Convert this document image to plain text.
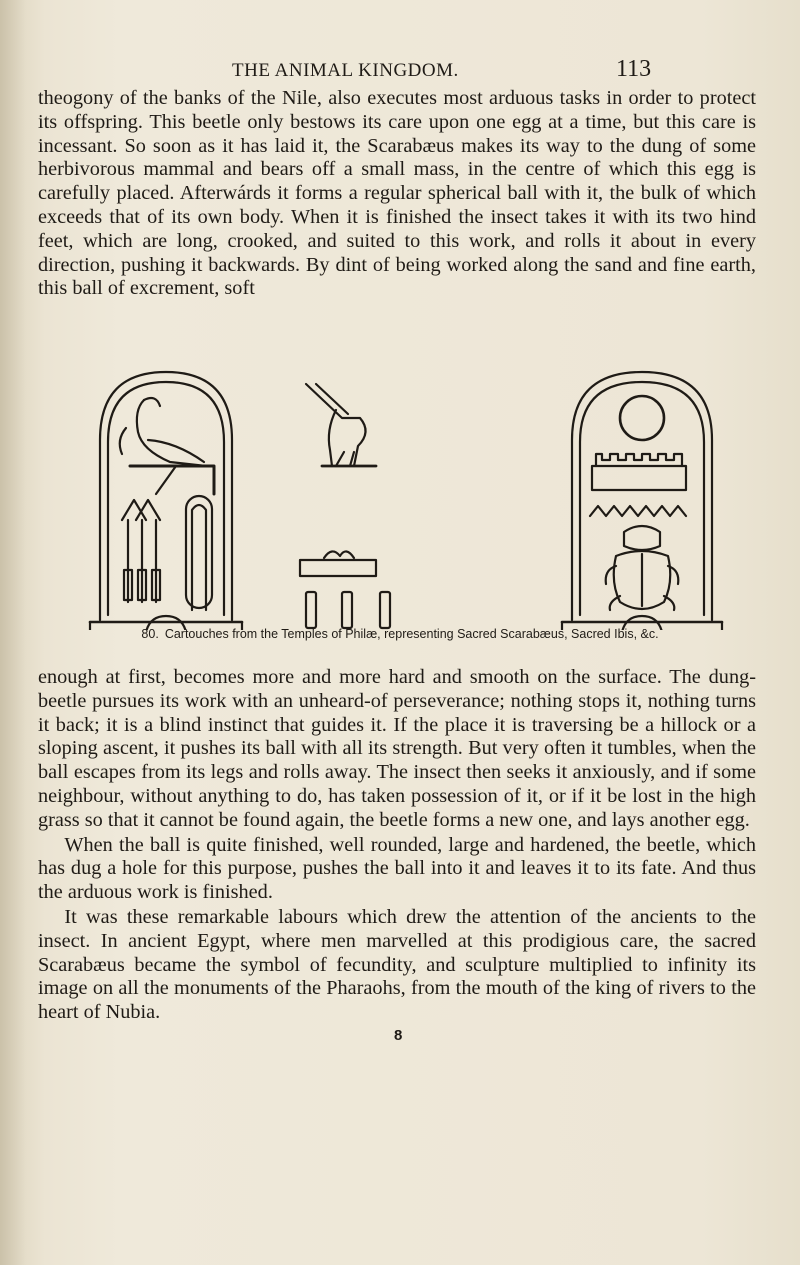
THE ANIMAL KINGDOM.	113

theogony of the banks of the Nile, also executes most arduous tasks in order to protect its offspring. This beetle only bestows its care upon one egg at a time, but this care is incessant. So soon as it has laid it, the Scarabæus makes its way to the dung of some herbivorous mammal and bears off a small mass, in the centre of which this egg is carefully placed. Afterwárds it forms a regular spherical ball with it, the bulk of which exceeds that of its own body. When it is finished the insect takes it with its two hind feet, which are long, crooked, and suited to this work, and rolls it about in every direction, pushing it backwards. By dint of being worked along the sand and fine earth, this ball of excrement, soft

80. Cartouches from the Temples of Philæ, representing Sacred Scarabæus, Sacred Ibis, &c.

enough at first, becomes more and more hard and smooth on the surface. The dung-beetle pursues its work with an unheard-of perseverance; nothing stops it, nothing turns it back; it is a blind instinct that guides it. If the place it is traversing be a hillock or a sloping ascent, it pushes its ball with all its strength. But very often it tumbles, when the ball escapes from its legs and rolls away. The insect then seeks it anxiously, and if some neighbour, without anything to do, has taken possession of it, or if it be lost in the high grass so that it cannot be found again, the beetle forms a new one, and lays another egg.

When the ball is quite finished, well rounded, large and hardened, the beetle, which has dug a hole for this purpose, pushes the ball into it and leaves it to its fate. And thus the arduous work is finished.

It was these remarkable labours which drew the attention of the ancients to the insect. In ancient Egypt, where men marvelled at this prodigious care, the sacred Scarabæus became the symbol of fecundity, and sculpture multiplied to infinity its image on all the monuments of the Pharaohs, from the mouth of the king of rivers to the heart of Nubia.

8
